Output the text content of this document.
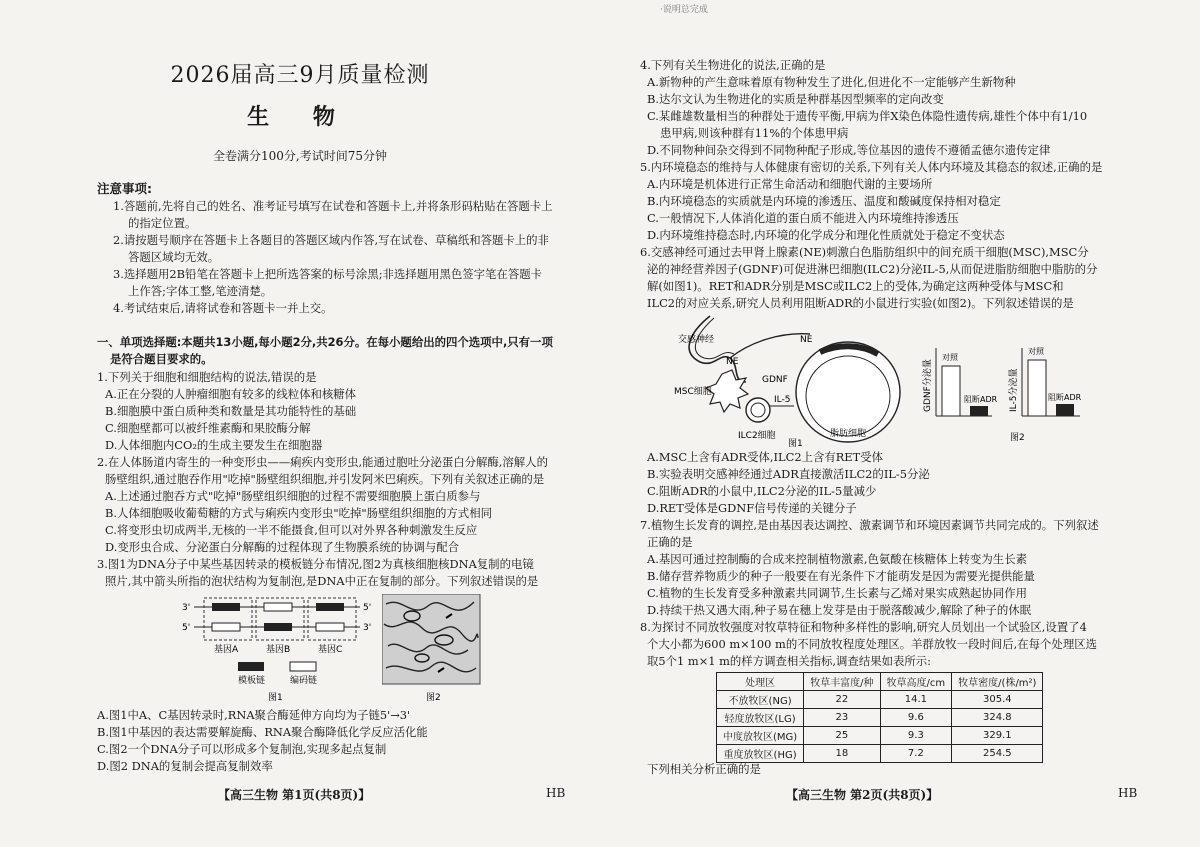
2026届高三9月质量检测
生 物
全卷满分100分,考试时间75分钟
注意事项:
1.答题前,先将自己的姓名、准考证号填写在试卷和答题卡上,并将条形码粘贴在答题卡上
的指定位置。
2.请按题号顺序在答题卡上各题目的答题区域内作答,写在试卷、草稿纸和答题卡上的非
答题区域均无效。
3.选择题用2B铅笔在答题卡上把所选答案的标号涂黑;非选择题用黑色签字笔在答题卡
上作答;字体工整,笔迹清楚。
4.考试结束后,请将试卷和答题卡一并上交。
一、单项选择题:本题共13小题,每小题2分,共26分。在每小题给出的四个选项中,只有一项
是符合题目要求的。
1.下列关于细胞和细胞结构的说法,错误的是
A.正在分裂的人肿瘤细胞有较多的线粒体和核糖体
B.细胞膜中蛋白质种类和数量是其功能特性的基础
C.细胞壁都可以被纤维素酶和果胶酶分解
D.人体细胞内CO₂的生成主要发生在细胞器
2.在人体肠道内寄生的一种变形虫——痢疾内变形虫,能通过胞吐分泌蛋白分解酶,溶解人的
肠壁组织,通过胞吞作用"吃掉"肠壁组织细胞,并引发阿米巴痢疾。下列有关叙述正确的是
A.上述通过胞吞方式"吃掉"肠壁组织细胞的过程不需要细胞膜上蛋白质参与
B.人体细胞吸收葡萄糖的方式与痢疾内变形虫"吃掉"肠壁组织细胞的方式相同
C.将变形虫切成两半,无核的一半不能摄食,但可以对外界各种刺激发生反应
D.变形虫合成、分泌蛋白分解酶的过程体现了生物膜系统的协调与配合
3.图1为DNA分子中某些基因转录的模板链分布情况,图2为真核细胞核DNA复制的电镜
照片,其中箭头所指的泡状结构为复制泡,是DNA中正在复制的部分。下列叙述错误的是
3'
5'
5'
3'
基因A	基因B	基因C
模板链	编码链
图1	图2
A.图1中A、C基因转录时,RNA聚合酶延伸方向均为子链5'→3'
B.图1中基因的表达需要解旋酶、RNA聚合酶降低化学反应活化能
C.图2一个DNA分子可以形成多个复制泡,实现多起点复制
D.图2 DNA的复制会提高复制效率
【高三生物 第1页(共8页)】	HB
·说明总完成
4.下列有关生物进化的说法,正确的是
A.新物种的产生意味着原有物种发生了进化,但进化不一定能够产生新物种
B.达尔文认为生物进化的实质是种群基因型频率的定向改变
C.某雌雄数量相当的种群处于遗传平衡,甲病为伴X染色体隐性遗传病,雄性个体中有1/10
患甲病,则该种群有11%的个体患甲病
D.不同物种间杂交得到不同物种配子形成,等位基因的遗传不遵循孟德尔遗传定律
5.内环境稳态的维持与人体健康有密切的关系,下列有关人体内环境及其稳态的叙述,正确的是
A.内环境是机体进行正常生命活动和细胞代谢的主要场所
B.内环境稳态的实质就是内环境的渗透压、温度和酸碱度保持相对稳定
C.一般情况下,人体消化道的蛋白质不能进入内环境维持渗透压
D.内环境维持稳态时,内环境的化学成分和理化性质就处于稳定不变状态
6.交感神经可通过去甲肾上腺素(NE)刺激白色脂肪组织中的间充质干细胞(MSC),MSC分
泌的神经营养因子(GDNF)可促进淋巴细胞(ILC2)分泌IL-5,从而促进脂肪细胞中脂肪的分
解(如图1)。RET和ADR分别是MSC或ILC2上的受体,为确定这两种受体与MSC和
ILC2的对应关系,研究人员利用阻断ADR的小鼠进行实验(如图2)。下列叙述错误的是
交感神经	NE
NE
MSC细胞
GDNF
IL-5
ILC2细胞	脂肪细胞
图1
GDNF分泌量
对照
阻断ADR IL-5分泌量
对照
阻断ADR
图2
A.MSC上含有ADR受体,ILC2上含有RET受体
B.实验表明交感神经通过ADR直接激活ILC2的IL-5分泌
C.阻断ADR的小鼠中,ILC2分泌的IL-5量减少
D.RET受体是GDNF信号传递的关键分子
7.植物生长发育的调控,是由基因表达调控、激素调节和环境因素调节共同完成的。下列叙述
正确的是
A.基因可通过控制酶的合成来控制植物激素,色氨酸在核糖体上转变为生长素
B.储存营养物质少的种子一般要在有光条件下才能萌发是因为需要光提供能量
C.植物的生长发育受多种激素共同调节,生长素与乙烯对果实成熟起协同作用
D.持续干热又遇大雨,种子易在穗上发芽是由于脱落酸减少,解除了种子的休眠
8.为探讨不同放牧强度对牧草特征和物种多样性的影响,研究人员划出一个试验区,设置了4
个大小都为600 m×100 m的不同放牧程度处理区。羊群放牧一段时间后,在每个处理区选
取5个1 m×1 m的样方调查相关指标,调查结果如表所示:
处理区	牧草丰富度/种	牧草高度/cm	牧草密度/(株/m²)
不放牧区(NG)	22	14.1	305.4
轻度放牧区(LG)	23	9.6	324.8
中度放牧区(MG)	25	9.3	329.1
重度放牧区(HG)	18	7.2	254.5
下列相关分析正确的是
【高三生物 第2页(共8页)】	HB
